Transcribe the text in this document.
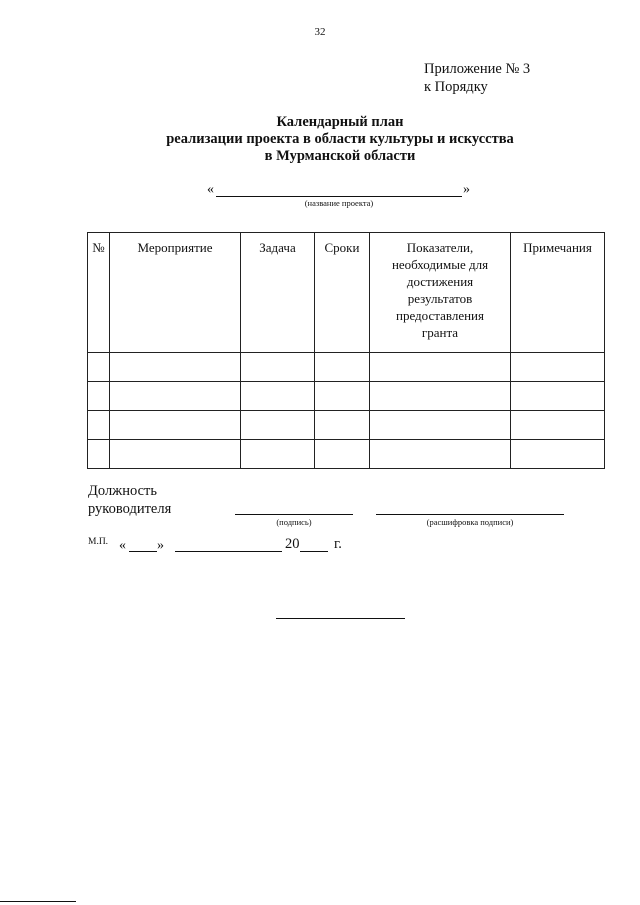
32
Приложение № 3
к Порядку
Календарный план
реализации проекта в области культуры и искусства
в Мурманской области
«	»
(название проекта)
№	Мероприятие	Задача	Сроки	Показатели, необходимые для достижения результатов предоставления гранта	Примечания

Должность
руководителя
(подпись)	(расшифровка подписи)
М.П. « »	20 г.
